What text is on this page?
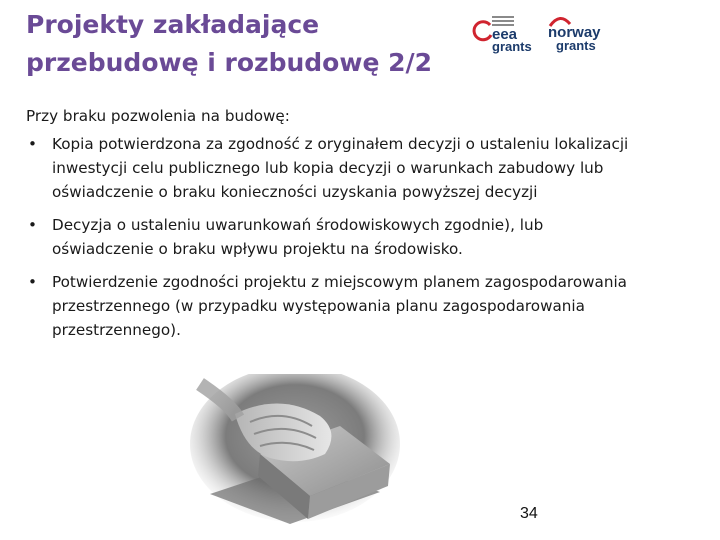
Projekty zakładające
przebudowę i rozbudowę 2/2
eea
grants
norway
grants

Przy braku pozwolenia na budowę:

• Kopia potwierdzona za zgodność z oryginałem decyzji o ustaleniu lokalizacji inwestycji celu publicznego lub kopia decyzji o warunkach zabudowy lub oświadczenie o braku konieczności uzyskania powyższej decyzji
• Decyzja o ustaleniu uwarunkowań środowiskowych zgodnie), lub oświadczenie o braku wpływu projektu na środowisko.
• Potwierdzenie zgodności projektu z miejscowym planem zagospodarowania przestrzennego (w przypadku występowania planu zagospodarowania przestrzennego).
34
